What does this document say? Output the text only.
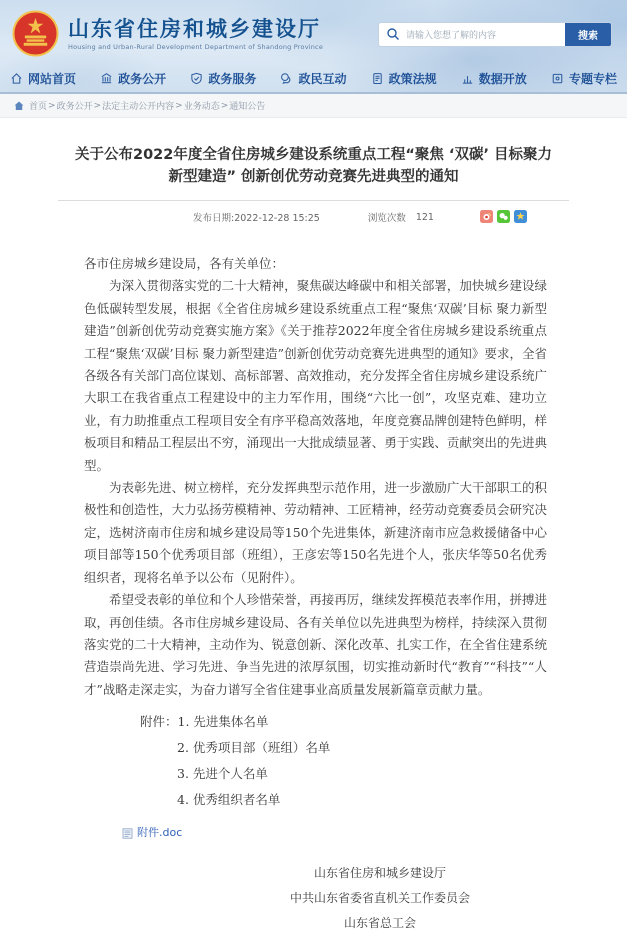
山东省住房和城乡建设厅
Housing and Urban-Rural Development Department of Shandong Province
请输入您想了解的内容
搜索
网站首页	政务公开	政务服务	政民互动	政策法规	数据开放	专题专栏
首页 > 政务公开 > 法定主动公开内容 > 业务动态 > 通知公告
关于公布2022年度全省住房城乡建设系统重点工程“聚焦 ‘双碳’ 目标聚力新型建造” 创新创优劳动竞赛先进典型的通知
发布日期:2022-12-28 15:25	浏览次数 121

各市住房城乡建设局，各有关单位：

为深入贯彻落实党的二十大精神，聚焦碳达峰碳中和相关部署，加快城乡建设绿色低碳转型发展，根据《全省住房城乡建设系统重点工程“聚焦‘双碳’目标 聚力新型建造”创新创优劳动竞赛实施方案》《关于推荐2022年度全省住房城乡建设系统重点工程“聚焦‘双碳’目标 聚力新型建造”创新创优劳动竞赛先进典型的通知》要求，全省各级各有关部门高位谋划、高标部署、高效推动，充分发挥全省住房城乡建设系统广大职工在我省重点工程建设中的主力军作用，围绕“六比一创”，攻坚克难、建功立业，有力助推重点工程项目安全有序平稳高效落地，年度竞赛品牌创建特色鲜明，样板项目和精品工程层出不穷，涌现出一大批成绩显著、勇于实践、贡献突出的先进典型。

为表彰先进、树立榜样，充分发挥典型示范作用，进一步激励广大干部职工的积极性和创造性，大力弘扬劳模精神、劳动精神、工匠精神，经劳动竞赛委员会研究决定，选树济南市住房和城乡建设局等150个先进集体，新建济南市应急救援储备中心项目部等150个优秀项目部（班组），王彦宏等150名先进个人，张庆华等50名优秀组织者，现将名单予以公布（见附件）。

希望受表彰的单位和个人珍惜荣誉，再接再厉，继续发挥模范表率作用，拼搏进取，再创佳绩。各市住房城乡建设局、各有关单位以先进典型为榜样，持续深入贯彻落实党的二十大精神，主动作为、锐意创新、深化改革、扎实工作，在全省住建系统营造崇尚先进、学习先进、争当先进的浓厚氛围，切实推动新时代“教育”“科技”“人才”战略走深走实，为奋力谱写全省住建事业高质量发展新篇章贡献力量。

附件：1. 先进集体名单
2. 优秀项目部（班组）名单
3. 先进个人名单
4. 优秀组织者名单
附件.doc
山东省住房和城乡建设厅
中共山东省委省直机关工作委员会
山东省总工会
